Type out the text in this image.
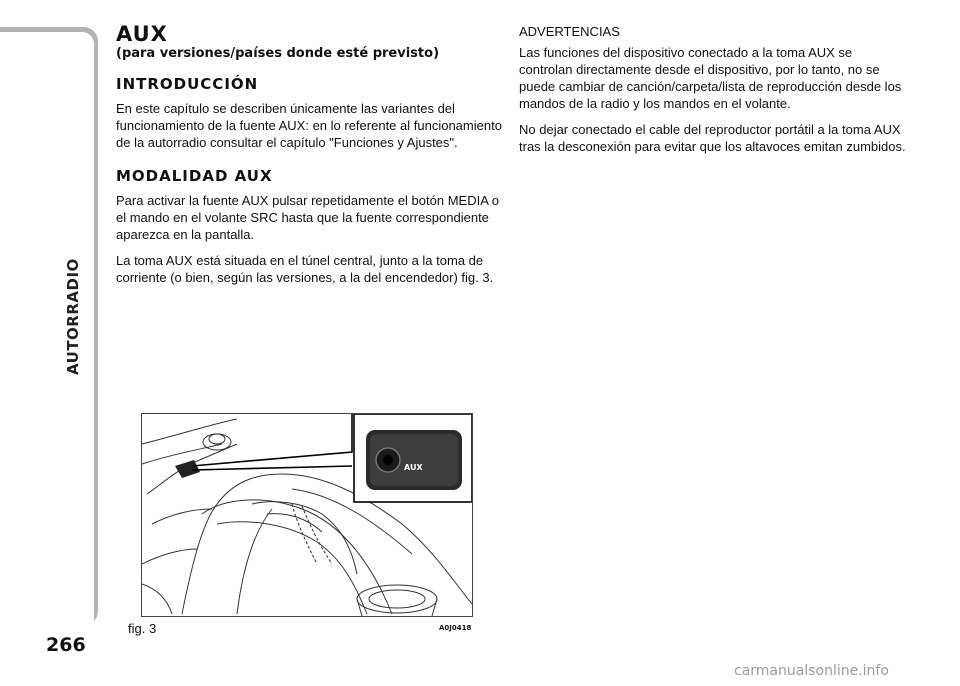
AUTORRADIO
266
AUX
(para versiones/países donde esté previsto)
INTRODUCCIÓN

En este capítulo se describen únicamente las variantes del funcionamiento de la fuente AUX: en lo referente al funcionamiento de la autorradio consultar el capítulo "Funciones y Ajustes".

MODALIDAD AUX

Para activar la fuente AUX pulsar repetidamente el botón MEDIA o el mando en el volante SRC hasta que la fuente correspondiente aparezca en la pantalla.

La toma AUX está situada en el túnel central, junto a la toma de corriente (o bien, según las versiones, a la del encendedor) fig. 3.

ADVERTENCIAS

Las funciones del dispositivo conectado a la toma AUX se controlan directamente desde el dispositivo, por lo tanto, no se puede cambiar de canción/carpeta/lista de reproducción desde los mandos de la radio y los mandos en el volante.

No dejar conectado el cable del reproductor portátil a la toma AUX tras la desconexión para evitar que los altavoces emitan zumbidos.

AUX
fig. 3	A0J0418
carmanualsonline.info
